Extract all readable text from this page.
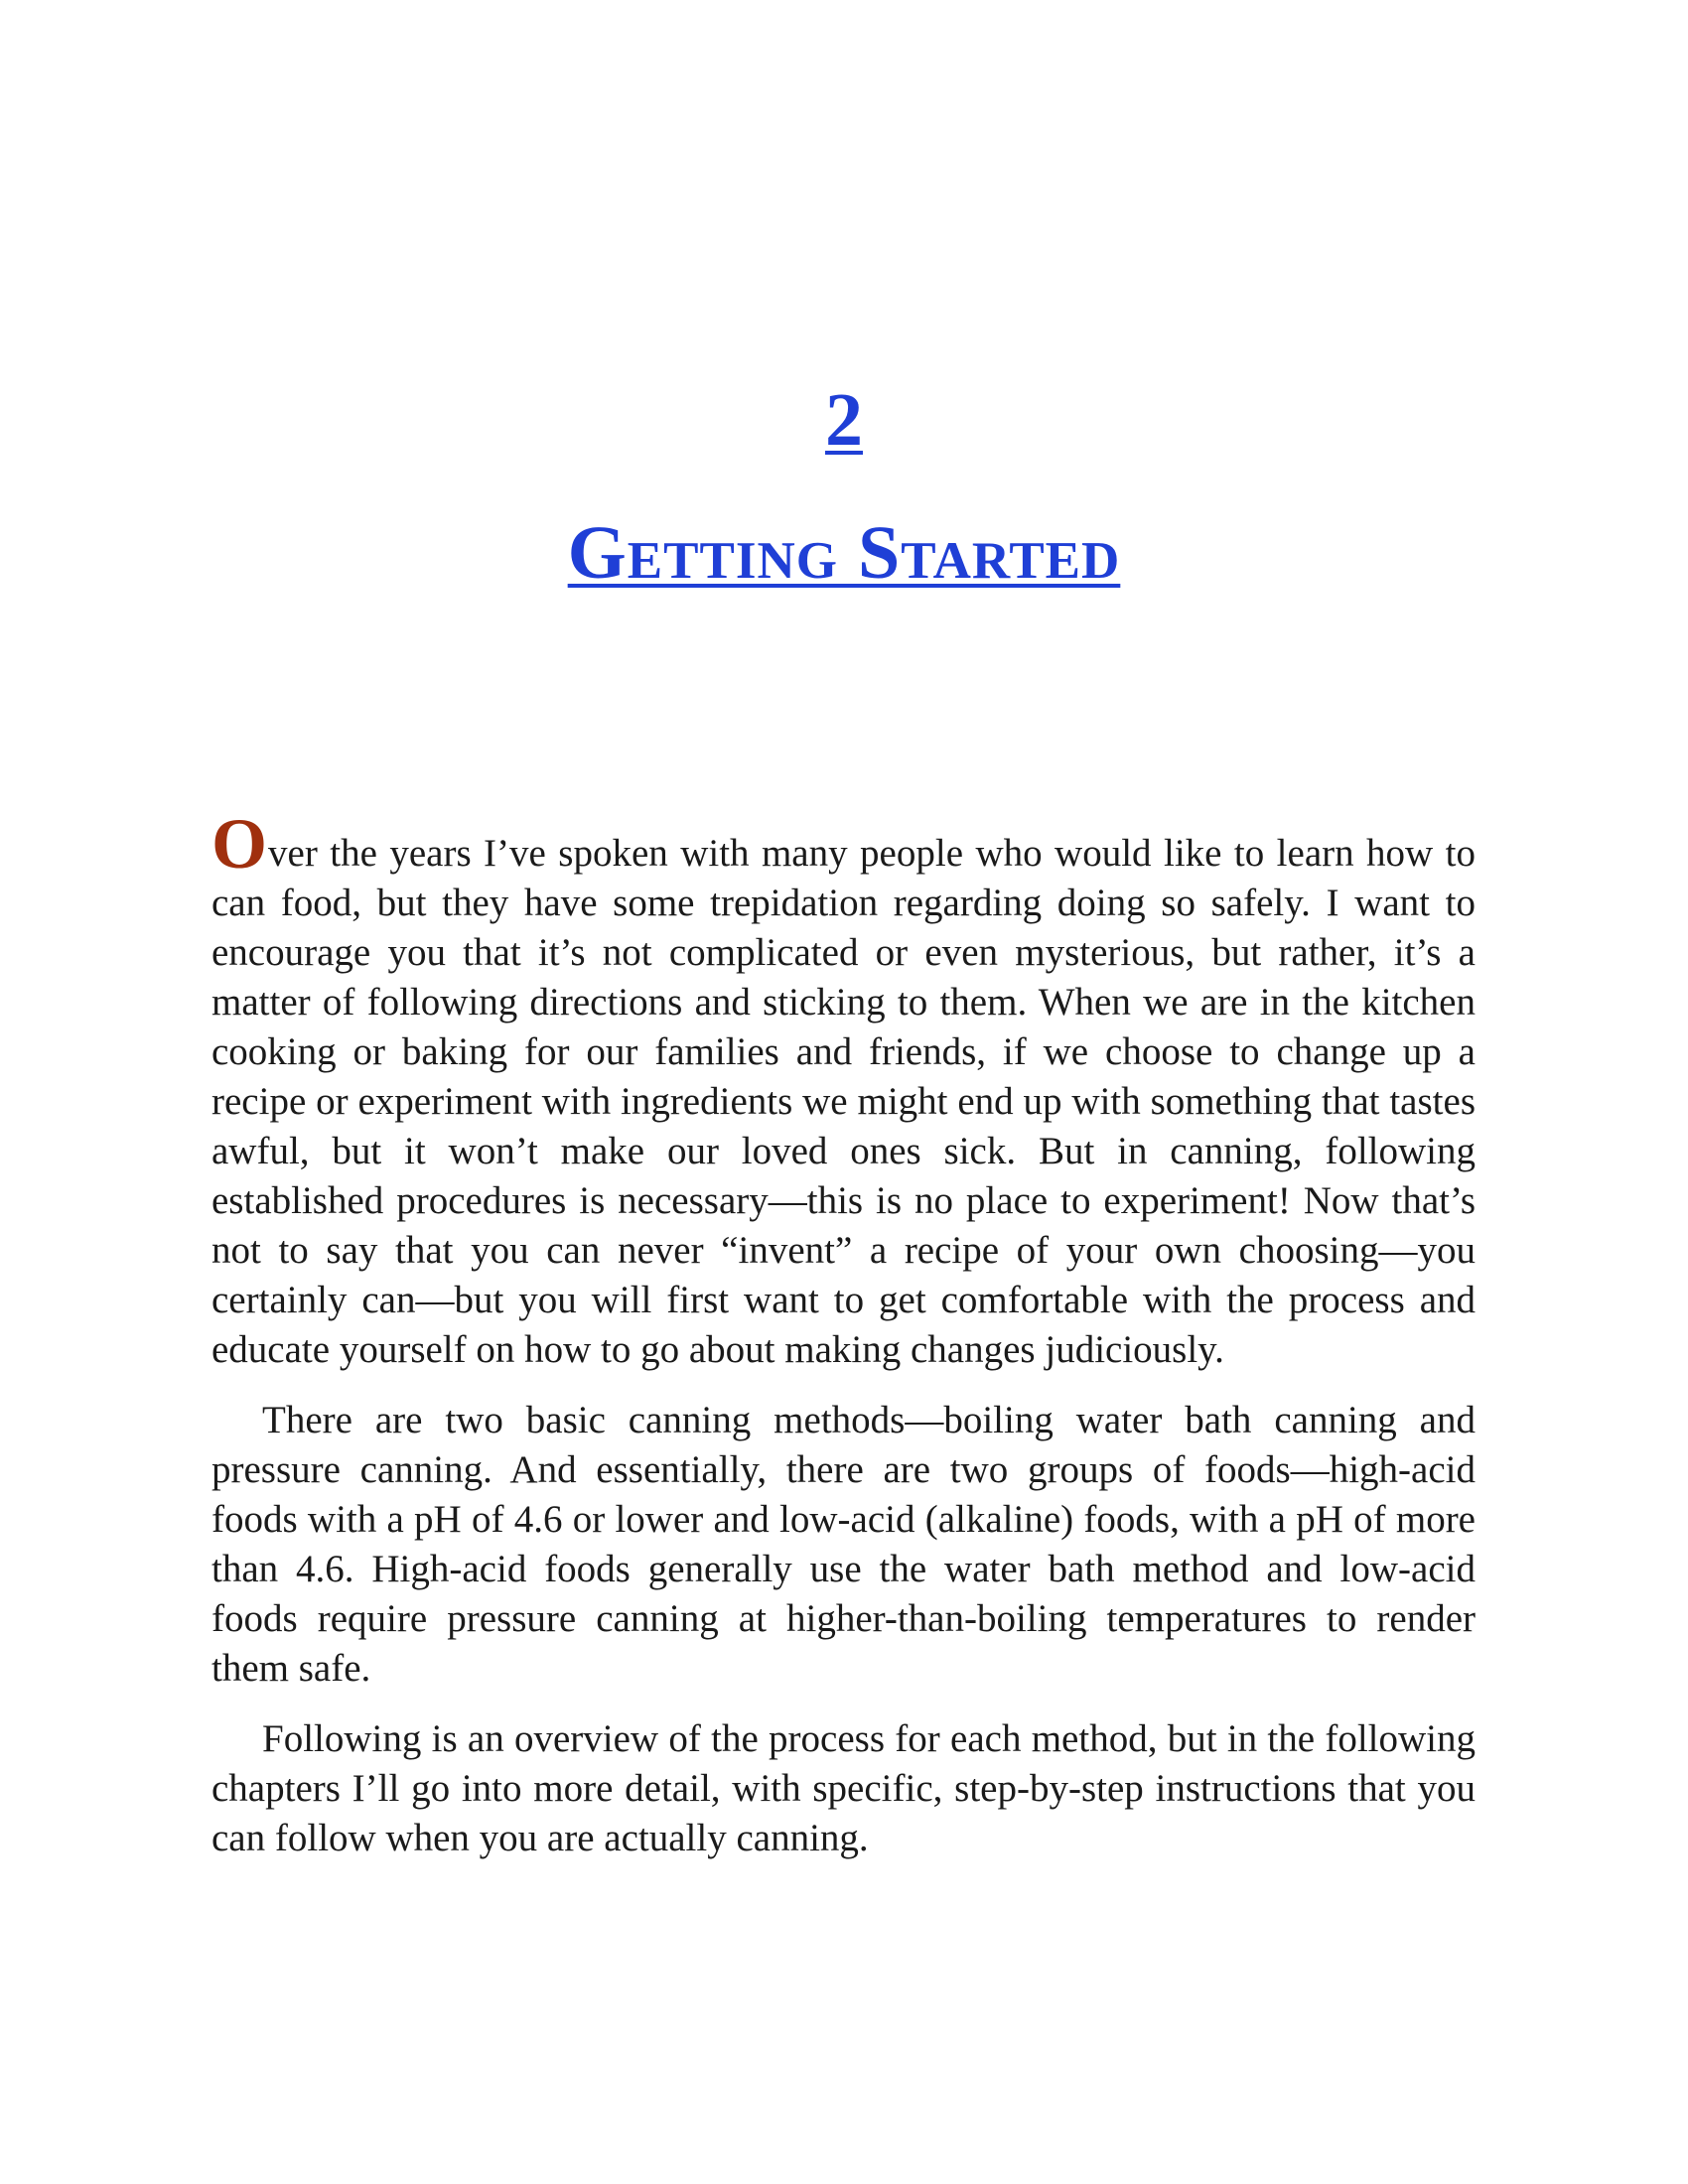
2
Getting Started

Over the years I’ve spoken with many people who would like to learn how to can food, but they have some trepidation regarding doing so safely. I want to encourage you that it’s not complicated or even mysterious, but rather, it’s a matter of following directions and sticking to them. When we are in the kitchen cooking or baking for our families and friends, if we choose to change up a recipe or experiment with ingredients we might end up with something that tastes awful, but it won’t make our loved ones sick. But in canning, following established procedures is necessary—this is no place to experiment! Now that’s not to say that you can never “invent” a recipe of your own choosing—you certainly can—but you will first want to get comfortable with the process and educate yourself on how to go about making changes judiciously.

There are two basic canning methods—boiling water bath canning and pressure canning. And essentially, there are two groups of foods—high-acid foods with a pH of 4.6 or lower and low-acid (alkaline) foods, with a pH of more than 4.6. High-acid foods generally use the water bath method and low-acid foods require pressure canning at higher-than-boiling temperatures to render them safe.

Following is an overview of the process for each method, but in the following chapters I’ll go into more detail, with specific, step-by-step instructions that you can follow when you are actually canning.
